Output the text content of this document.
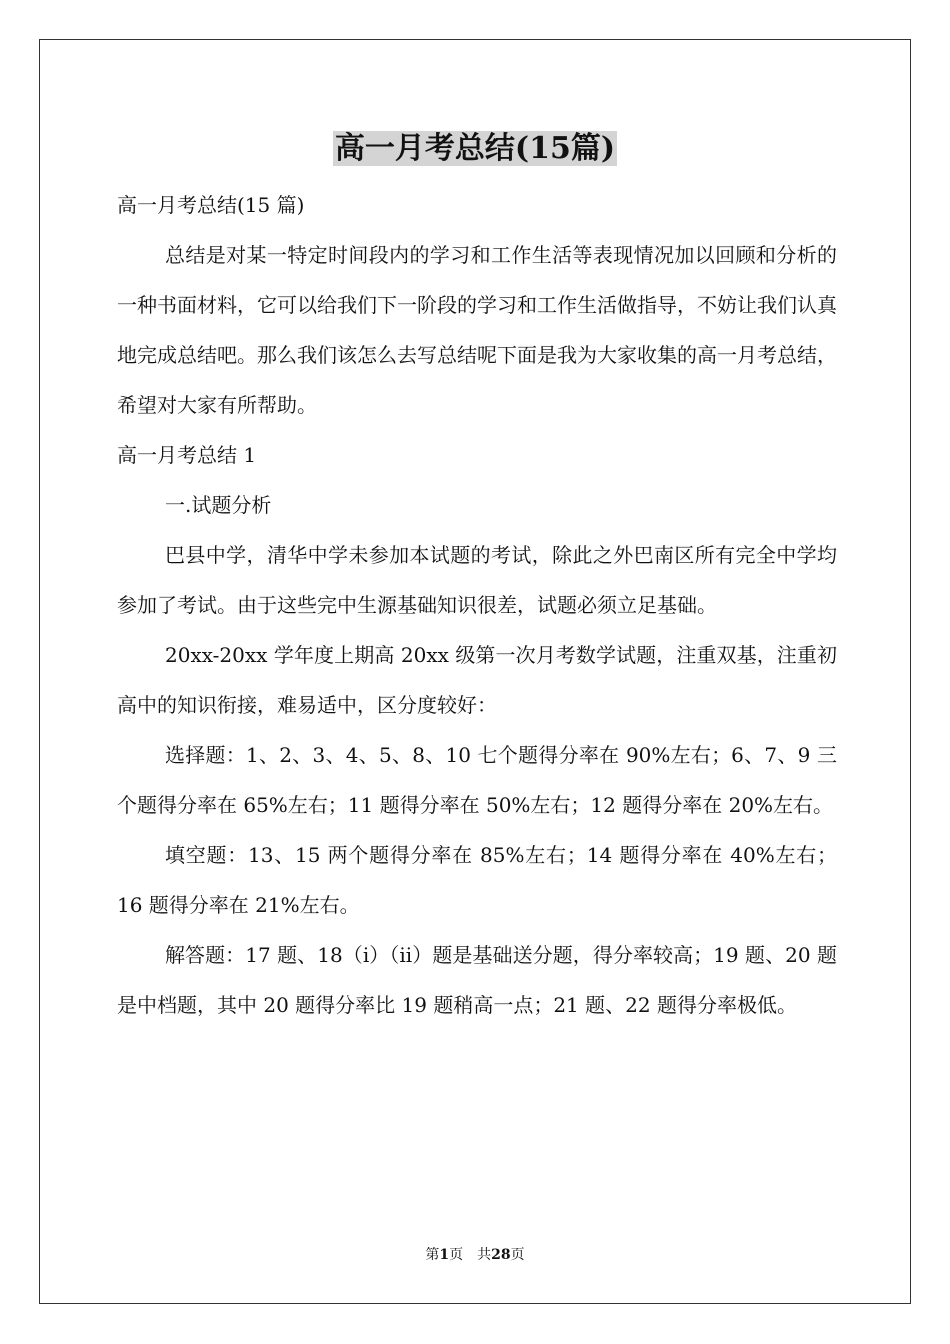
高一月考总结(15篇)

高一月考总结(15 篇)

总结是对某一特定时间段内的学习和工作生活等表现情况加以回顾和分析的一种书面材料，它可以给我们下一阶段的学习和工作生活做指导，不妨让我们认真地完成总结吧。那么我们该怎么去写总结呢下面是我为大家收集的高一月考总结，希望对大家有所帮助。

高一月考总结 1

一.试题分析

巴县中学，清华中学未参加本试题的考试，除此之外巴南区所有完全中学均参加了考试。由于这些完中生源基础知识很差，试题必须立足基础。

20xx-20xx 学年度上期高 20xx 级第一次月考数学试题，注重双基，注重初高中的知识衔接，难易适中，区分度较好：

选择题：1、2、3、4、5、8、10 七个题得分率在 90%左右；6、7、9 三个题得分率在 65%左右；11 题得分率在 50%左右；12 题得分率在 20%左右。

填空题：13、15 两个题得分率在 85%左右；14 题得分率在 40%左右；16 题得分率在 21%左右。

解答题：17 题、18（i）（ii）题是基础送分题，得分率较高；19 题、20 题是中档题，其中 20 题得分率比 19 题稍高一点；21 题、22 题得分率极低。

第1页　共28页
